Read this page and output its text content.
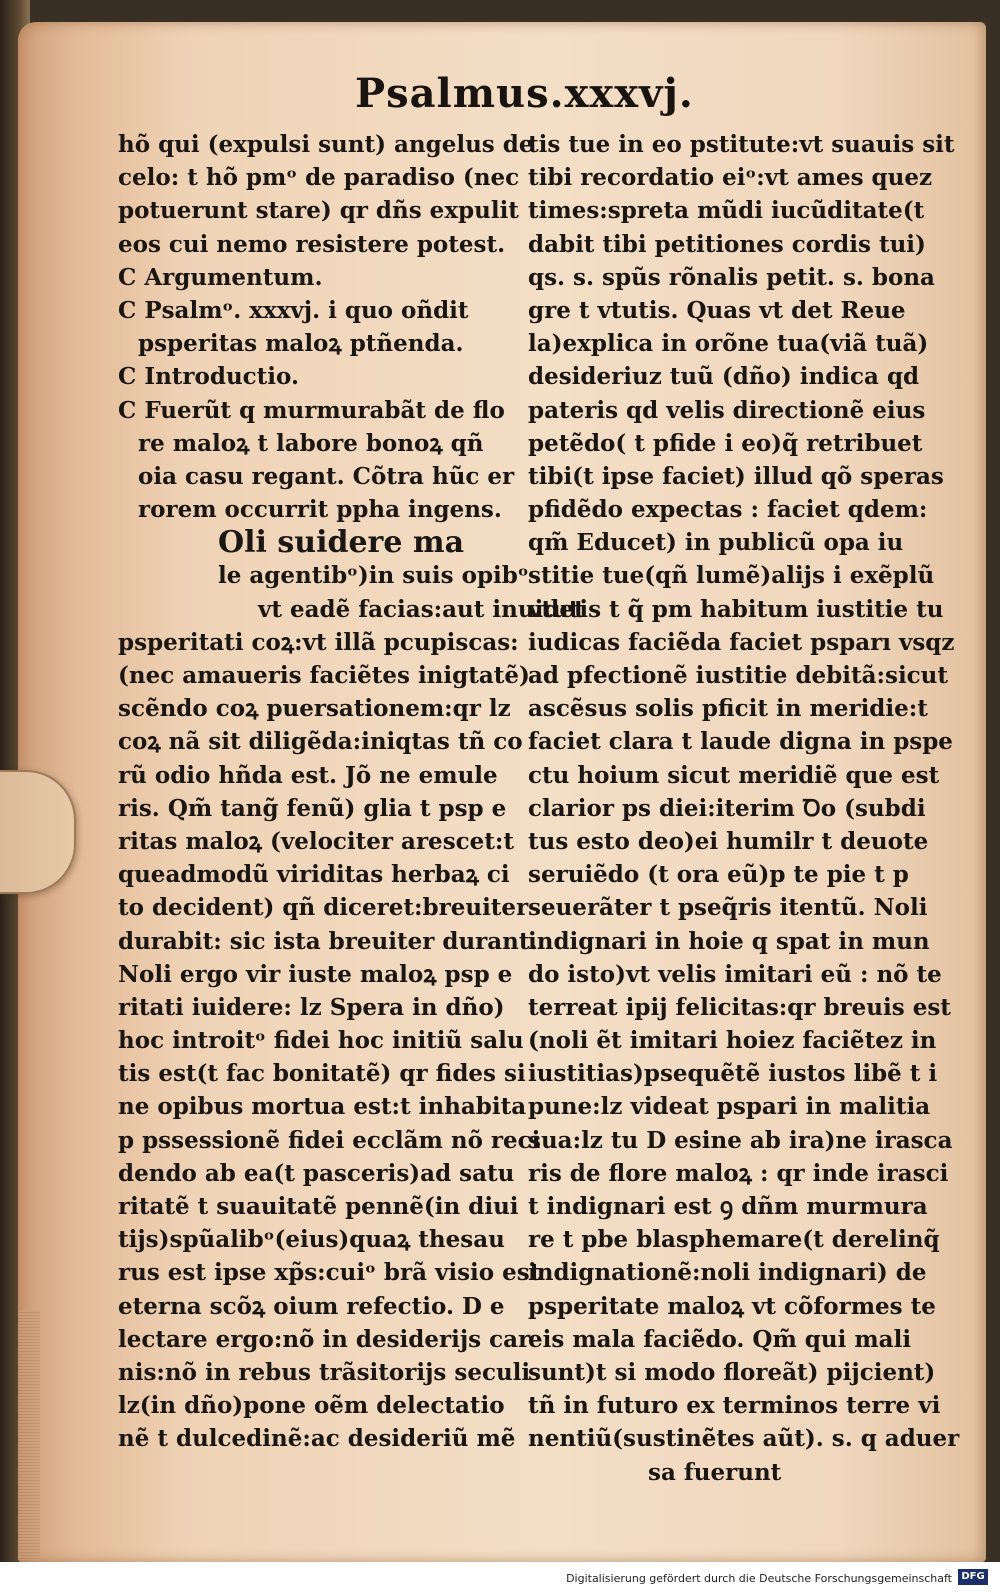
Psalmus.xxxvj.
hõ qui (expulsi sunt) angelus de
celo: t hõ pmᵒ de paradiso (nec
potuerunt stare) qr dñs expulit
eos cui nemo resistere potest.
C Argumentum.
C Psalmᵒ. xxxvj. i quo oñdit
psperitas maloꝝ ptñenda.
C Introductio.
C Fuerũt q murmurabãt de flo
re maloꝝ t labore bonoꝝ qñ
oia casu regant. Cõtra hũc er
rorem occurrit ppha ingens.
Oli suidere ma
le agentibᵒ)in suis opibᵒ
vt eadẽ facias:aut inuidet
psperitati coꝝ:vt illã pcupiscas:
(nec amaueris faciẽtes inigtatẽ)
scẽndo coꝝ puersationem:qr lz
coꝝ nã sit diligẽda:iniqtas tñ co
rũ odio hñda est. Jõ ne emule
ris. Qm̃ tang̃ fenũ) glia t psp e
ritas maloꝝ (velociter arescet:t
queadmodũ viriditas herbaꝝ ci
to decident) qñ diceret:breuiter
durabit: sic ista breuiter durant.
Noli ergo vir iuste maloꝝ psp e
ritati iuidere: lz Spera in dño)
hoc introitᵒ fidei hoc initiũ salu
tis est(t fac bonitatẽ) qr fides si
ne opibus mortua est:t inhabita
p pssessionẽ fidei ecclãm nõ reci
dendo ab ea(t pasceris)ad satu
ritatẽ t suauitatẽ pennẽ(in diui
tijs)spũalibᵒ(eius)quaꝝ thesau
rus est ipse xp̃s:cuiᵒ brã visio est
eterna scõꝝ oium refectio. D e
lectare ergo:nõ in desiderijs car
nis:nõ in rebus trãsitorijs seculi
lz(in dño)pone oẽm delectatio
nẽ t dulcedinẽ:ac desideriũ mẽ
tis tue in eo pstitute:vt suauis sit
tibi recordatio eiᵒ:vt ames quez
times:spreta mũdi iucũditate(t
dabit tibi petitiones cordis tui)
qs. s. spũs rõnalis petit. s. bona
gre t vtutis. Quas vt det Reue
la)explica in orõne tua(viã tuã)
desideriuz tuũ (dño) indica qd
pateris qd velis directionẽ eius
petẽdo( t pfide i eo)q̃ retribuet
tibi(t ipse faciet) illud qõ speras
pfidẽdo expectas : faciet qdem:
qm̃ Educet) in publicũ opa iu
stitie tue(qñ lumẽ)alijs i exẽplũ
vtutis t q̃ pm habitum iustitie tu
iudicas faciẽda faciet psparı vsqz
ad pfectionẽ iustitie debitã:sicut
ascẽsus solis pficit in meridie:t
faciet clara t laude digna in pspe
ctu hoium sicut meridiẽ que est
clarior ps diei:iterim Ꝺo (subdi
tus esto deo)ei humilr t deuote
seruiẽdo (t ora eũ)p te pie t p
seuerãter t pseq̃ris itentũ. Noli
indignari in hoie q spat in mun
do isto)vt velis imitari eũ : nõ te
terreat ipij felicitas:qr breuis est
(noli ẽt imitari hoiez faciẽtez in
iustitias)psequẽtẽ iustos libẽ t i
pune:lz videat pspari in malitia
sua:lz tu D esine ab ira)ne irasca
ris de flore maloꝝ : qr inde irasci
t indignari est ꝯ dñm murmura
re t pbe blasphemare(t derelinq̃
indignationẽ:noli indignari) de
psperitate maloꝝ vt cõformes te
eis mala faciẽdo. Qm̃ qui mali
sunt)t si modo floreãt) pijcient)
tñ in futuro ex terminos terre vi
nentiũ(sustinẽtes aũt). s. q aduer
sa fuerunt
Digitalisierung gefördert durch die Deutsche Forschungsgemeinschaft DFG
